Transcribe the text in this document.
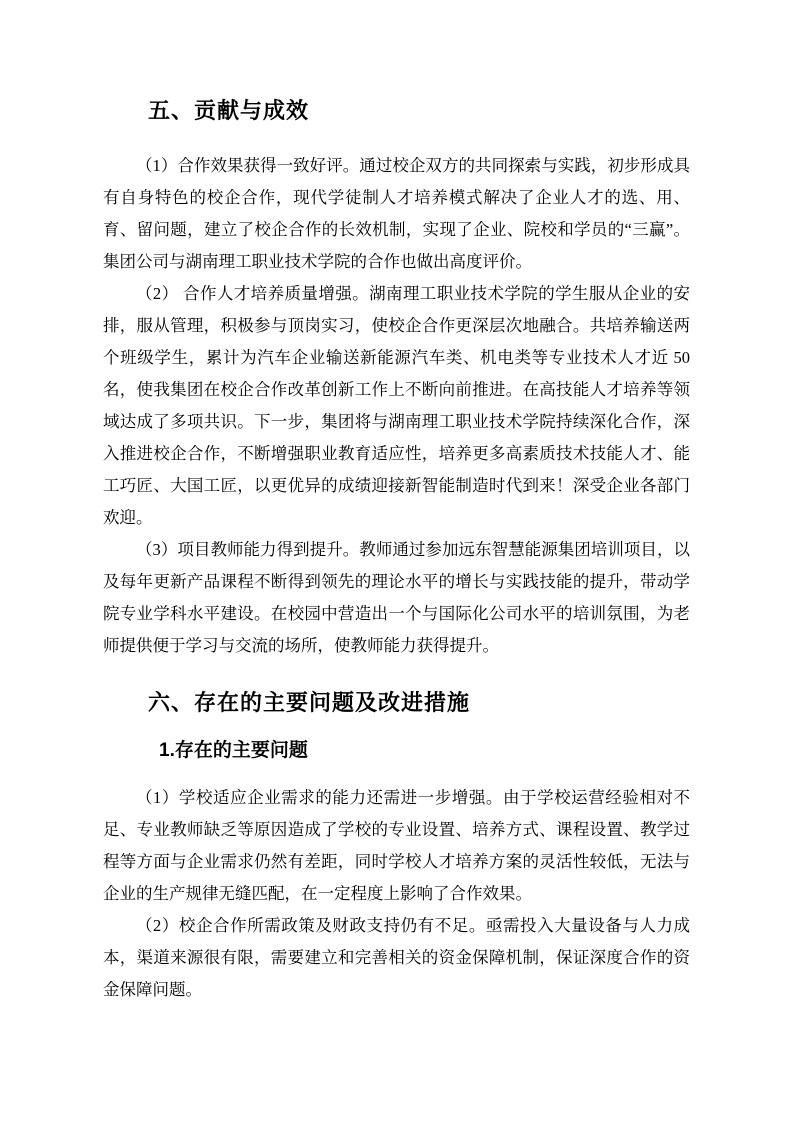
五、贡献与成效

（1）合作效果获得一致好评。通过校企双方的共同探索与实践，初步形成具有自身特色的校企合作，现代学徒制人才培养模式解决了企业人才的选、用、育、留问题，建立了校企合作的长效机制，实现了企业、院校和学员的“三赢”。集团公司与湖南理工职业技术学院的合作也做出高度评价。

（2） 合作人才培养质量增强。湖南理工职业技术学院的学生服从企业的安排，服从管理，积极参与顶岗实习，使校企合作更深层次地融合。共培养输送两个班级学生，累计为汽车企业输送新能源汽车类、机电类等专业技术人才近 50 名，使我集团在校企合作改革创新工作上不断向前推进。在高技能人才培养等领域达成了多项共识。下一步，集团将与湖南理工职业技术学院持续深化合作，深入推进校企合作，不断增强职业教育适应性，培养更多高素质技术技能人才、能工巧匠、大国工匠，以更优异的成绩迎接新智能制造时代到来！深受企业各部门欢迎。

（3）项目教师能力得到提升。教师通过参加远东智慧能源集团培训项目，以及每年更新产品课程不断得到领先的理论水平的增长与实践技能的提升，带动学院专业学科水平建设。在校园中营造出一个与国际化公司水平的培训氛围，为老师提供便于学习与交流的场所，使教师能力获得提升。

六、存在的主要问题及改进措施
1.存在的主要问题

（1）学校适应企业需求的能力还需进一步增强。由于学校运营经验相对不足、专业教师缺乏等原因造成了学校的专业设置、培养方式、课程设置、教学过程等方面与企业需求仍然有差距，同时学校人才培养方案的灵活性较低，无法与企业的生产规律无缝匹配，在一定程度上影响了合作效果。

（2）校企合作所需政策及财政支持仍有不足。亟需投入大量设备与人力成本，渠道来源很有限，需要建立和完善相关的资金保障机制，保证深度合作的资金保障问题。
